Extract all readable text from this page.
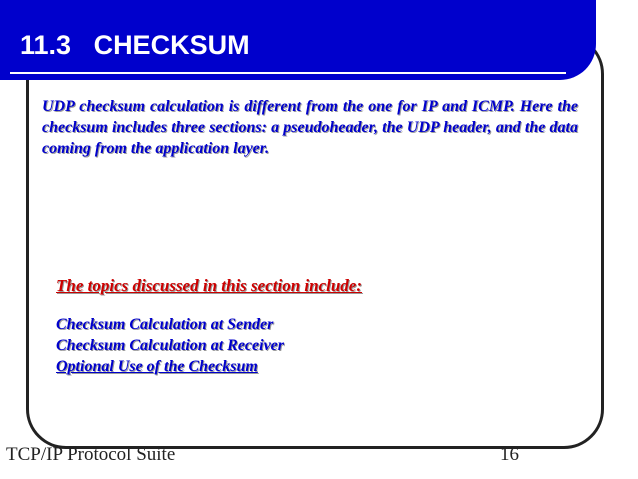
11.3   CHECKSUM
UDP checksum calculation is different from the one for IP and ICMP. Here the checksum includes three sections: a pseudoheader, the UDP header, and the data coming from the application layer.
The topics discussed in this section include:
Checksum Calculation at Sender
Checksum Calculation at Receiver
Optional Use of the Checksum
TCP/IP Protocol Suite	16
